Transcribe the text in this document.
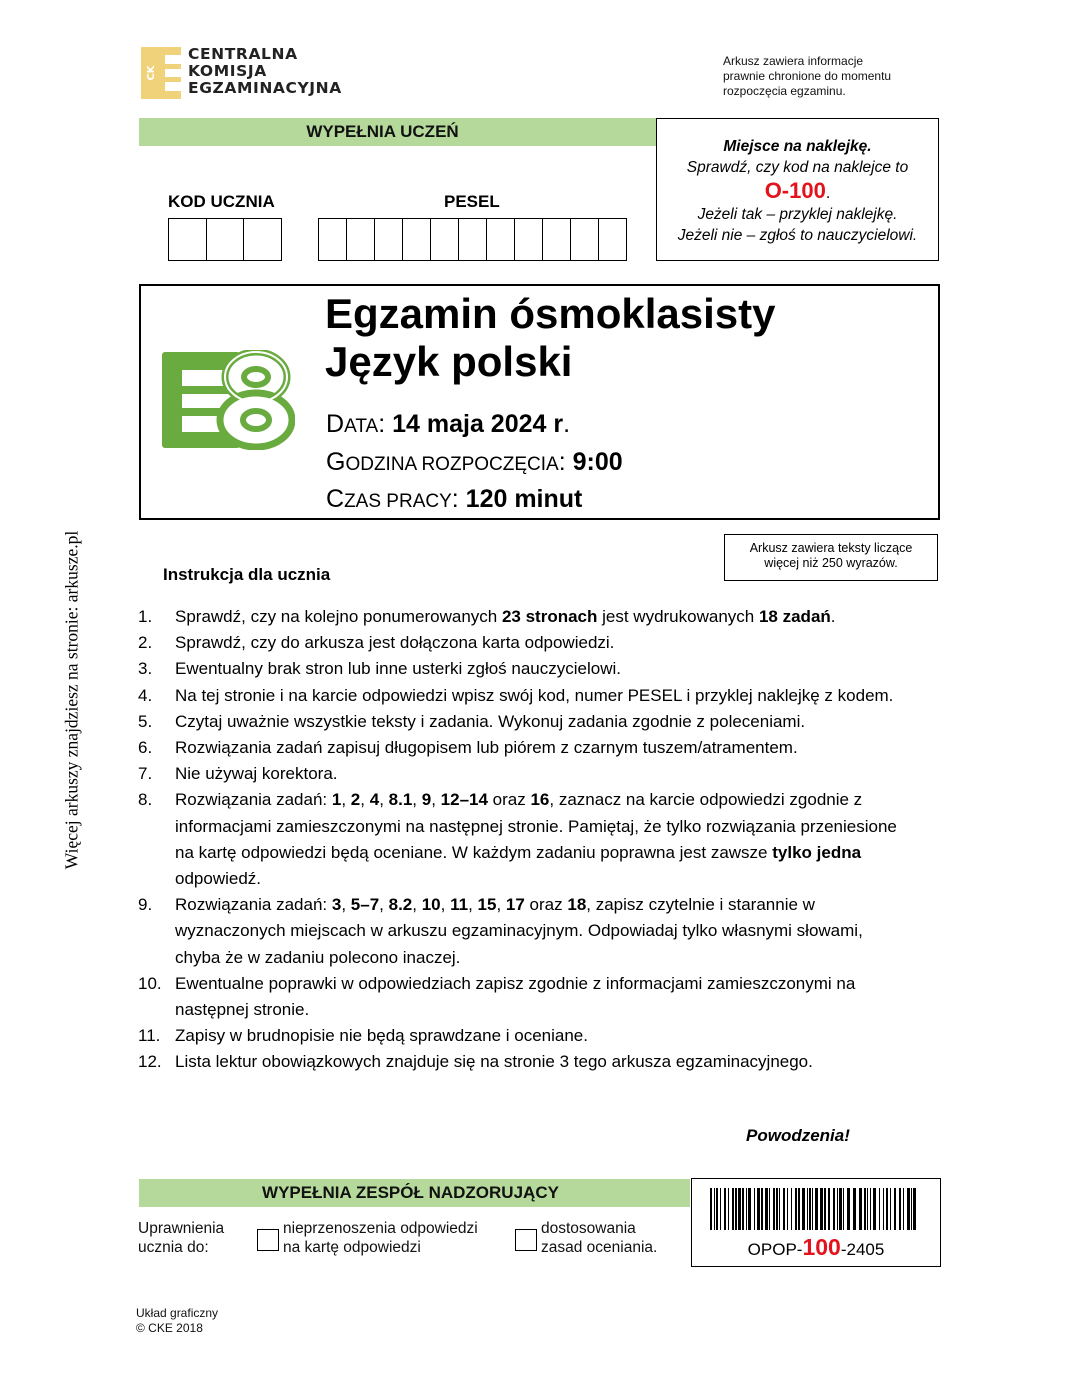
CK
CENTRALNA
KOMISJA
EGZAMINACYJNA
Arkusz zawiera informacje
prawnie chronione do momentu
rozpoczęcia egzaminu.
WYPEŁNIA UCZEŃ
KOD UCZNIA	PESEL
Miejsce na naklejkę.
Sprawdź, czy kod na naklejce to
O-100.
Jeżeli tak – przyklej naklejkę.
Jeżeli nie – zgłoś to nauczycielowi.
Egzamin ósmoklasisty
Język polski
DATA: 14 maja 2024 r.
GODZINA ROZPOCZĘCIA: 9:00
CZAS PRACY: 120 minut
Arkusz zawiera teksty liczące
więcej niż 250 wyrazów.
Instrukcja dla ucznia
1.	Sprawdź, czy na kolejno ponumerowanych 23 stronach jest wydrukowanych 18 zadań.
2.	Sprawdź, czy do arkusza jest dołączona karta odpowiedzi.
3.	Ewentualny brak stron lub inne usterki zgłoś nauczycielowi.
4.	Na tej stronie i na karcie odpowiedzi wpisz swój kod, numer PESEL i przyklej naklejkę z kodem.
5.	Czytaj uważnie wszystkie teksty i zadania. Wykonuj zadania zgodnie z poleceniami.
6.	Rozwiązania zadań zapisuj długopisem lub piórem z czarnym tuszem/atramentem.
7.	Nie używaj korektora.
8.	Rozwiązania zadań: 1, 2, 4, 8.1, 9, 12–14 oraz 16, zaznacz na karcie odpowiedzi zgodnie z informacjami zamieszczonymi na następnej stronie. Pamiętaj, że tylko rozwiązania przeniesione na kartę odpowiedzi będą oceniane. W każdym zadaniu poprawna jest zawsze tylko jedna odpowiedź.
9.	Rozwiązania zadań: 3, 5–7, 8.2, 10, 11, 15, 17 oraz 18, zapisz czytelnie i starannie w wyznaczonych miejscach w arkuszu egzaminacyjnym. Odpowiadaj tylko własnymi słowami, chyba że w zadaniu polecono inaczej.
10. Ewentualne poprawki w odpowiedziach zapisz zgodnie z informacjami zamieszczonymi na następnej stronie.
11. Zapisy w brudnopisie nie będą sprawdzane i oceniane.
12. Lista lektur obowiązkowych znajduje się na stronie 3 tego arkusza egzaminacyjnego.
Powodzenia!
WYPEŁNIA ZESPÓŁ NADZORUJĄCY
Uprawnienia
ucznia do:
nieprzenoszenia odpowiedzi
na kartę odpowiedzi
dostosowania
zasad oceniania.	OPOP-100-2405
Układ graficzny
© CKE 2018
Więcej arkuszy znajdziesz na stronie: arkusze.pl
